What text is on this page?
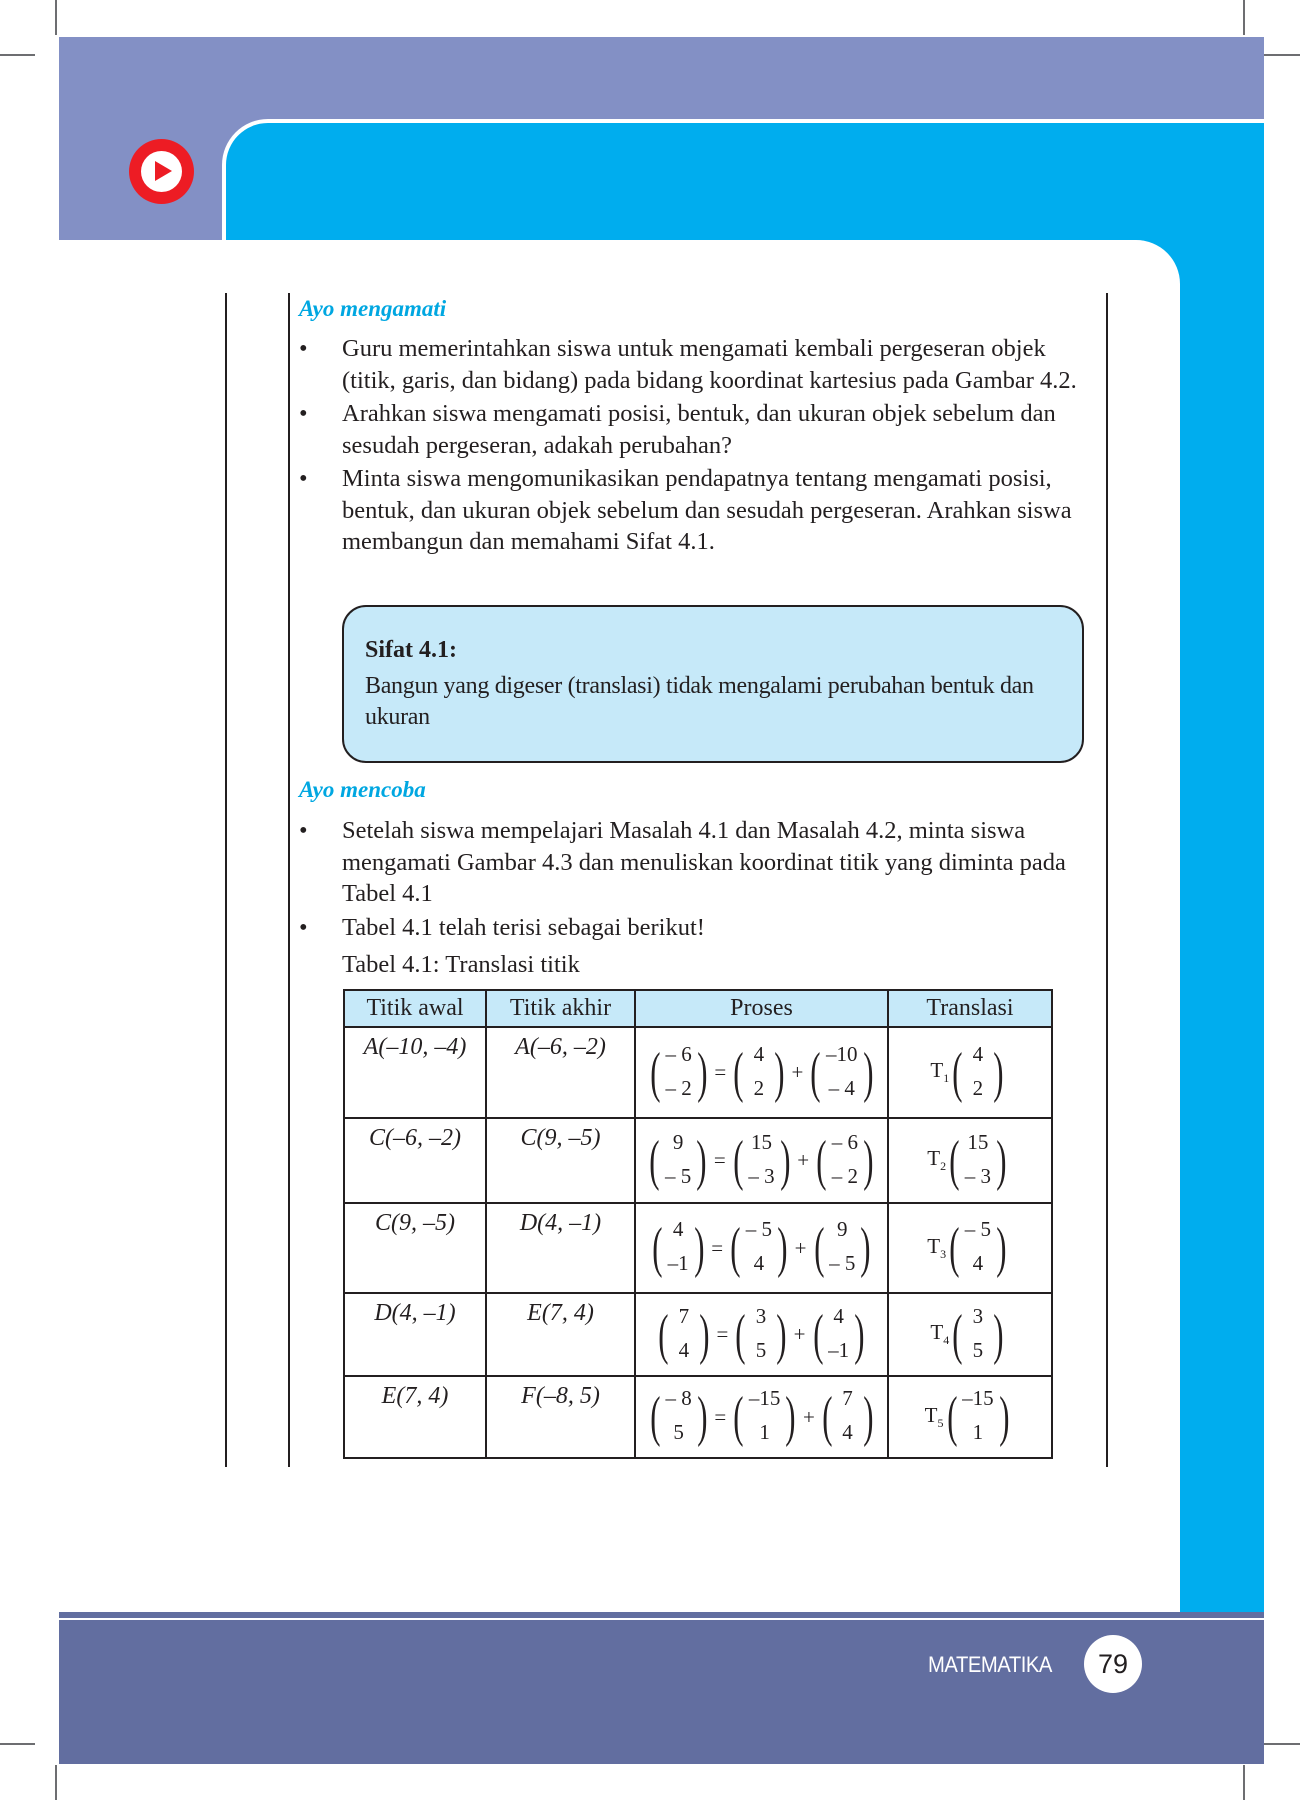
Ayo mengamati
• Guru memerintahkan siswa untuk mengamati kembali pergeseran objek (titik, garis, dan bidang) pada bidang koordinat kartesius pada Gambar 4.2.
• Arahkan siswa mengamati posisi, bentuk, dan ukuran objek sebelum dan sesudah pergeseran, adakah perubahan?
• Minta siswa mengomunikasikan pendapatnya tentang mengamati posisi, bentuk, dan ukuran objek sebelum dan sesudah pergeseran. Arahkan siswa membangun dan memahami Sifat 4.1.
Sifat 4.1:
Bangun yang digeser (translasi) tidak mengalami perubahan bentuk dan ukuran
Ayo mencoba
• Setelah siswa mempelajari Masalah 4.1 dan Masalah 4.2, minta siswa mengamati Gambar 4.3 dan menuliskan koordinat titik yang diminta pada Tabel 4.1
• Tabel 4.1 telah terisi sebagai berikut!
Tabel 4.1: Translasi titik
Titik awal	Titik akhir	Proses	Translasi
A(–10, –4)	A(–6, –2)	( – 6
– 2 ) = ( 4
2 ) + ( –10
– 4 )	$T_1$ ( 4
2 )

C(–6, –2)	C(9, –5)	( 9
– 5 ) = ( 15
– 3 ) + ( – 6
– 2 )	$T_2$ ( 15
– 3 )

C(9, –5)	D(4, –1)	( 4
–1 ) = ( – 5
4 ) + ( 9
– 5 )	$T_3$ ( – 5
4 )

D(4, –1)	E(7, 4)	( 7
4 ) = ( 3
5 ) + ( 4
–1 )	$T_4$ ( 3
5 )

E(7, 4)	F(–8, 5)	( – 8
5 ) = ( –15
1 ) + ( 7
4 )	$T_5$ ( –15
1 )
MATEMATIKA	79
